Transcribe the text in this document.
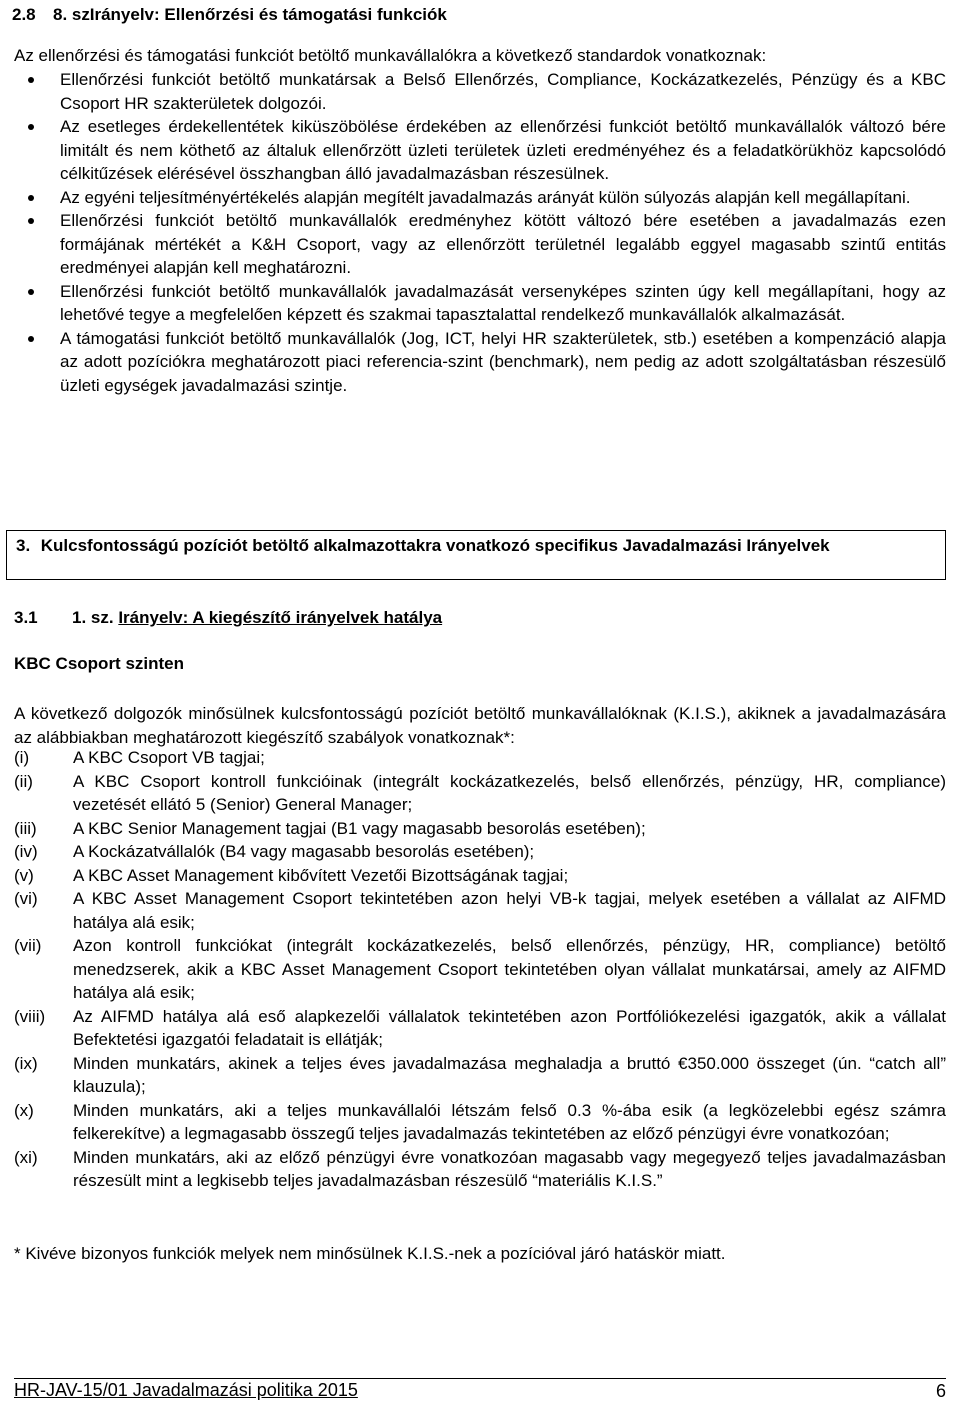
2.8 8. sz. Irányelv: Ellenőrzési és támogatási funkciók
Az ellenőrzési és támogatási funkciót betöltő munkavállalókra a következő standardok vonatkoznak:
Ellenőrzési funkciót betöltő munkatársak a Belső Ellenőrzés, Compliance, Kockázatkezelés, Pénzügy és a KBC Csoport HR szakterületek dolgozói.
Az esetleges érdekellentétek kiküszöbölése érdekében az ellenőrzési funkciót betöltő munkavállalók változó bére limitált és nem köthető az általuk ellenőrzött üzleti területek üzleti eredményéhez és a feladatkörükhöz kapcsolódó célkitűzések elérésével összhangban álló javadalmazásban részesülnek.
Az egyéni teljesítményértékelés alapján megítélt javadalmazás arányát külön súlyozás alapján kell megállapítani.
Ellenőrzési funkciót betöltő munkavállalók eredményhez kötött változó bére esetében a javadalmazás ezen formájának mértékét a K&H Csoport, vagy az ellenőrzött területnél legalább eggyel magasabb szintű entitás eredményei alapján kell meghatározni.
Ellenőrzési funkciót betöltő munkavállalók javadalmazását versenyképes szinten úgy kell megállapítani, hogy az lehetővé tegye a megfelelően képzett és szakmai tapasztalattal rendelkező munkavállalók alkalmazását.
A támogatási funkciót betöltő munkavállalók (Jog, ICT, helyi HR szakterületek, stb.) esetében a kompenzáció alapja az adott pozíciókra meghatározott piaci referencia-szint (benchmark), nem pedig az adott szolgáltatásban részesülő üzleti egységek javadalmazási szintje.
3. Kulcsfontosságú pozíciót betöltő alkalmazottakra vonatkozó specifikus Javadalmazási Irányelvek
3.1 1. sz. Irányelv: A kiegészítő irányelvek hatálya
KBC Csoport szinten
A következő dolgozók minősülnek kulcsfontosságú pozíciót betöltő munkavállalóknak (K.I.S.), akiknek a javadalmazására az alábbiakban meghatározott kiegészítő szabályok vonatkoznak*:
(i)	A KBC Csoport VB tagjai;
(ii) A KBC Csoport kontroll funkcióinak (integrált kockázatkezelés, belső ellenőrzés, pénzügy, HR, compliance) vezetését ellátó 5 (Senior) General Manager;
(iii) A KBC Senior Management tagjai (B1 vagy magasabb besorolás esetében);
(iv) A Kockázatvállalók (B4 vagy magasabb besorolás esetében);
(v) A KBC Asset Management kibővített Vezetői Bizottságának tagjai;
(vi) A KBC Asset Management Csoport tekintetében azon helyi VB-k tagjai, melyek esetében a vállalat az AIFMD hatálya alá esik;
(vii) Azon kontroll funkciókat (integrált kockázatkezelés, belső ellenőrzés, pénzügy, HR, compliance) betöltő menedzserek, akik a KBC Asset Management Csoport tekintetében olyan vállalat munkatársai, amely az AIFMD hatálya alá esik;
(viii) Az AIFMD hatálya alá eső alapkezelői vállalatok tekintetében azon Portfóliókezelési igazgatók, akik a vállalat Befektetési igazgatói feladatait is ellátják;
(ix) Minden munkatárs, akinek a teljes éves javadalmazása meghaladja a bruttó €350.000 összeget (ún. “catch all” klauzula);
(x) Minden munkatárs, aki a teljes munkavállalói létszám felső 0.3 %-ába esik (a legközelebbi egész számra felkerekítve) a legmagasabb összegű teljes javadalmazás tekintetében az előző pénzügyi évre vonatkozóan;
(xi) Minden munkatárs, aki az előző pénzügyi évre vonatkozóan magasabb vagy megegyező teljes javadalmazásban részesült mint a legkisebb teljes javadalmazásban részesülő “materiális K.I.S.”
* Kivéve bizonyos funkciók melyek nem minősülnek K.I.S.-nek a pozícióval járó hatáskör miatt.
HR-JAV-15/01 Javadalmazási politika 2015	6
